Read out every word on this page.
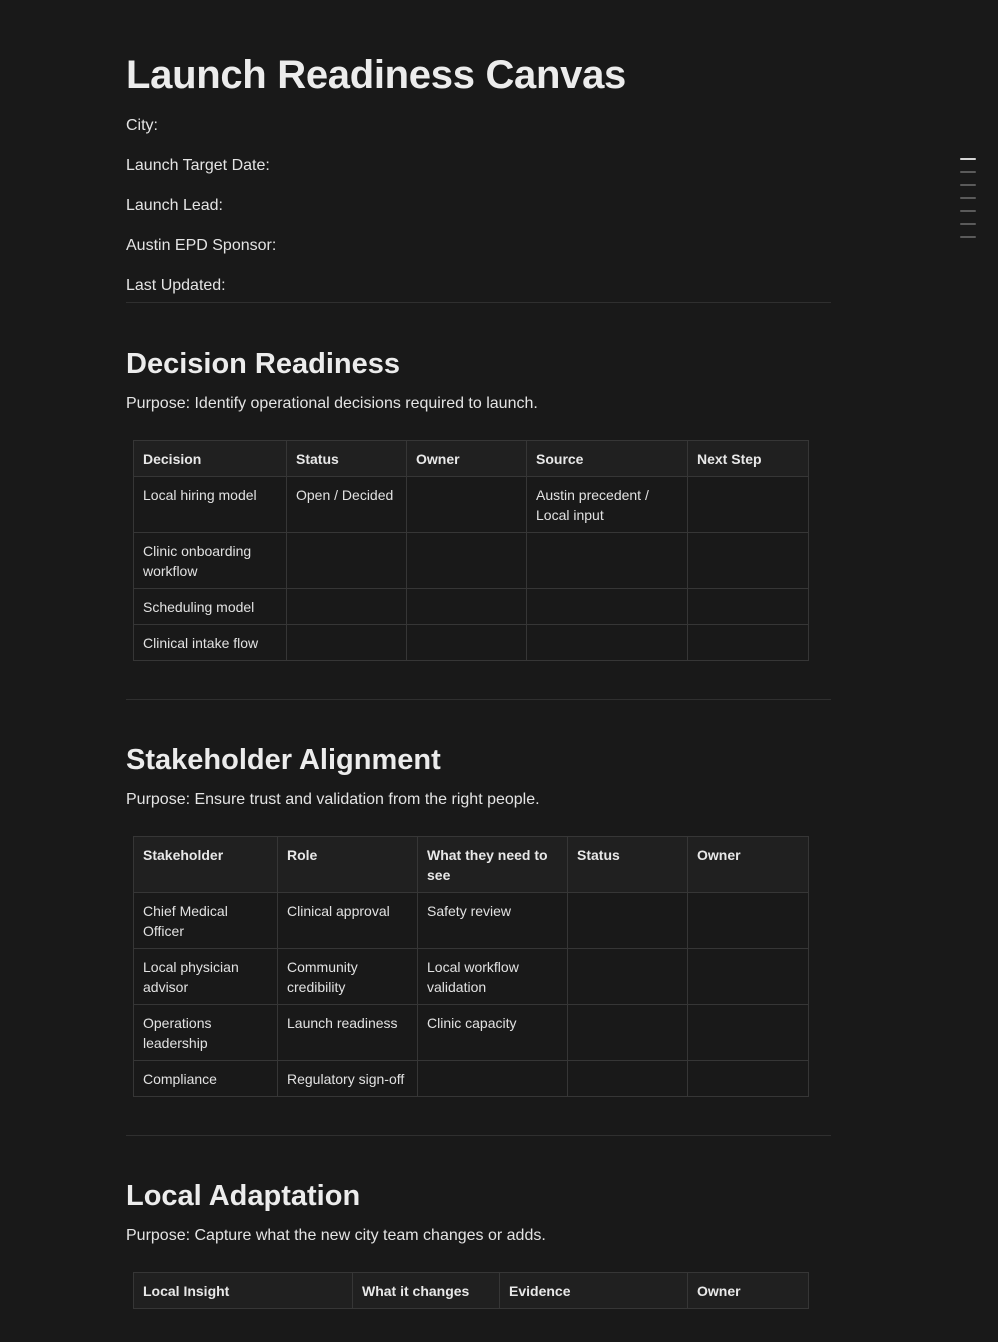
Launch Readiness Canvas
City:
Launch Target Date:
Launch Lead:
Austin EPD Sponsor:
Last Updated:
Decision Readiness
Purpose: Identify operational decisions required to launch.
Decision	Status	Owner	Source	Next Step
Local hiring model	Open / Decided		Austin precedent / Local input	
Clinic onboarding workflow				
Scheduling model				
Clinical intake flow				
Stakeholder Alignment
Purpose: Ensure trust and validation from the right people.
Stakeholder	Role	What they need to see	Status	Owner
Chief Medical Officer	Clinical approval	Safety review		
Local physician advisor	Community credibility	Local workflow validation		
Operations leadership	Launch readiness	Clinic capacity		
Compliance	Regulatory sign-off			
Local Adaptation
Purpose: Capture what the new city team changes or adds.
Local Insight	What it changes	Evidence	Owner
